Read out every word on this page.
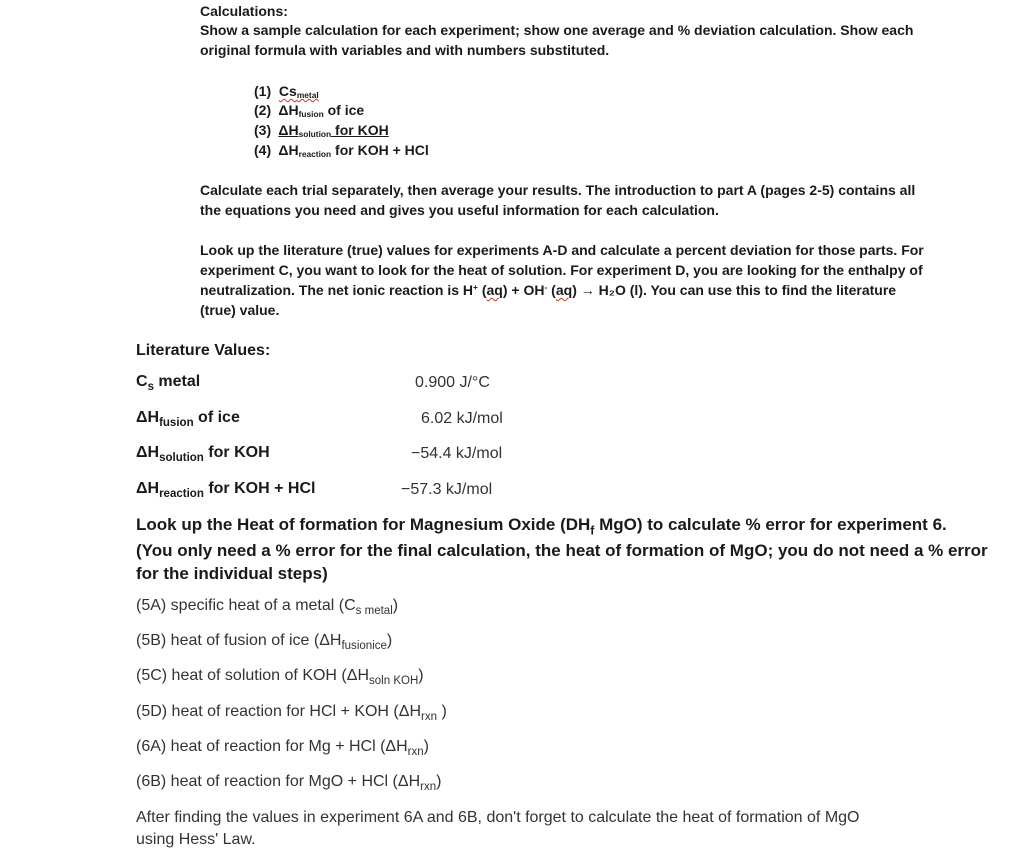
Calculations:
Show a sample calculation for each experiment; show one average and % deviation calculation. Show each
original formula with variables and with numbers substituted.
(1) $Cs_{metal}$
(2) $\Delta H_{fusion}$ of ice
(3) $\Delta H_{solution}$ for KOH
(4) $\Delta H_{reaction}$ for KOH + HCl
Calculate each trial separately, then average your results. The introduction to part A (pages 2-5) contains all
the equations you need and gives you useful information for each calculation.
Look up the literature (true) values for experiments A-D and calculate a percent deviation for those parts. For
experiment C, you want to look for the heat of solution. For experiment D, you are looking for the enthalpy of
neutralization. The net ionic reaction is H+ (aq) + OH- (aq) → H₂O (l). You can use this to find the literature
(true) value.
Literature Values:
$C_s$ metal	0.900 J/°C
$\Delta H_{fusion}$ of ice	6.02 kJ/mol
$\Delta H_{solution}$ for KOH	−54.4 kJ/mol
$\Delta H_{reaction}$ for KOH + HCl	−57.3 kJ/mol
Look up the Heat of formation for Magnesium Oxide ($DH_f$ MgO) to calculate % error for experiment 6.
(You only need a % error for the final calculation, the heat of formation of MgO; you do not need a % error
for the individual steps)
(5A) specific heat of a metal $(C_{s metal})$
(5B) heat of fusion of ice $(\Delta H_{fusionice})$
(5C) heat of solution of KOH $(\Delta H_{soln KOH})$
(5D) heat of reaction for HCl + KOH ($\Delta H_{rxn}$ )
(6A) heat of reaction for Mg + HCl $(\Delta H_{rxn})$
(6B) heat of reaction for MgO + HCl $(\Delta H_{rxn})$
After finding the values in experiment 6A and 6B, don't forget to calculate the heat of formation of MgO
using Hess' Law.
